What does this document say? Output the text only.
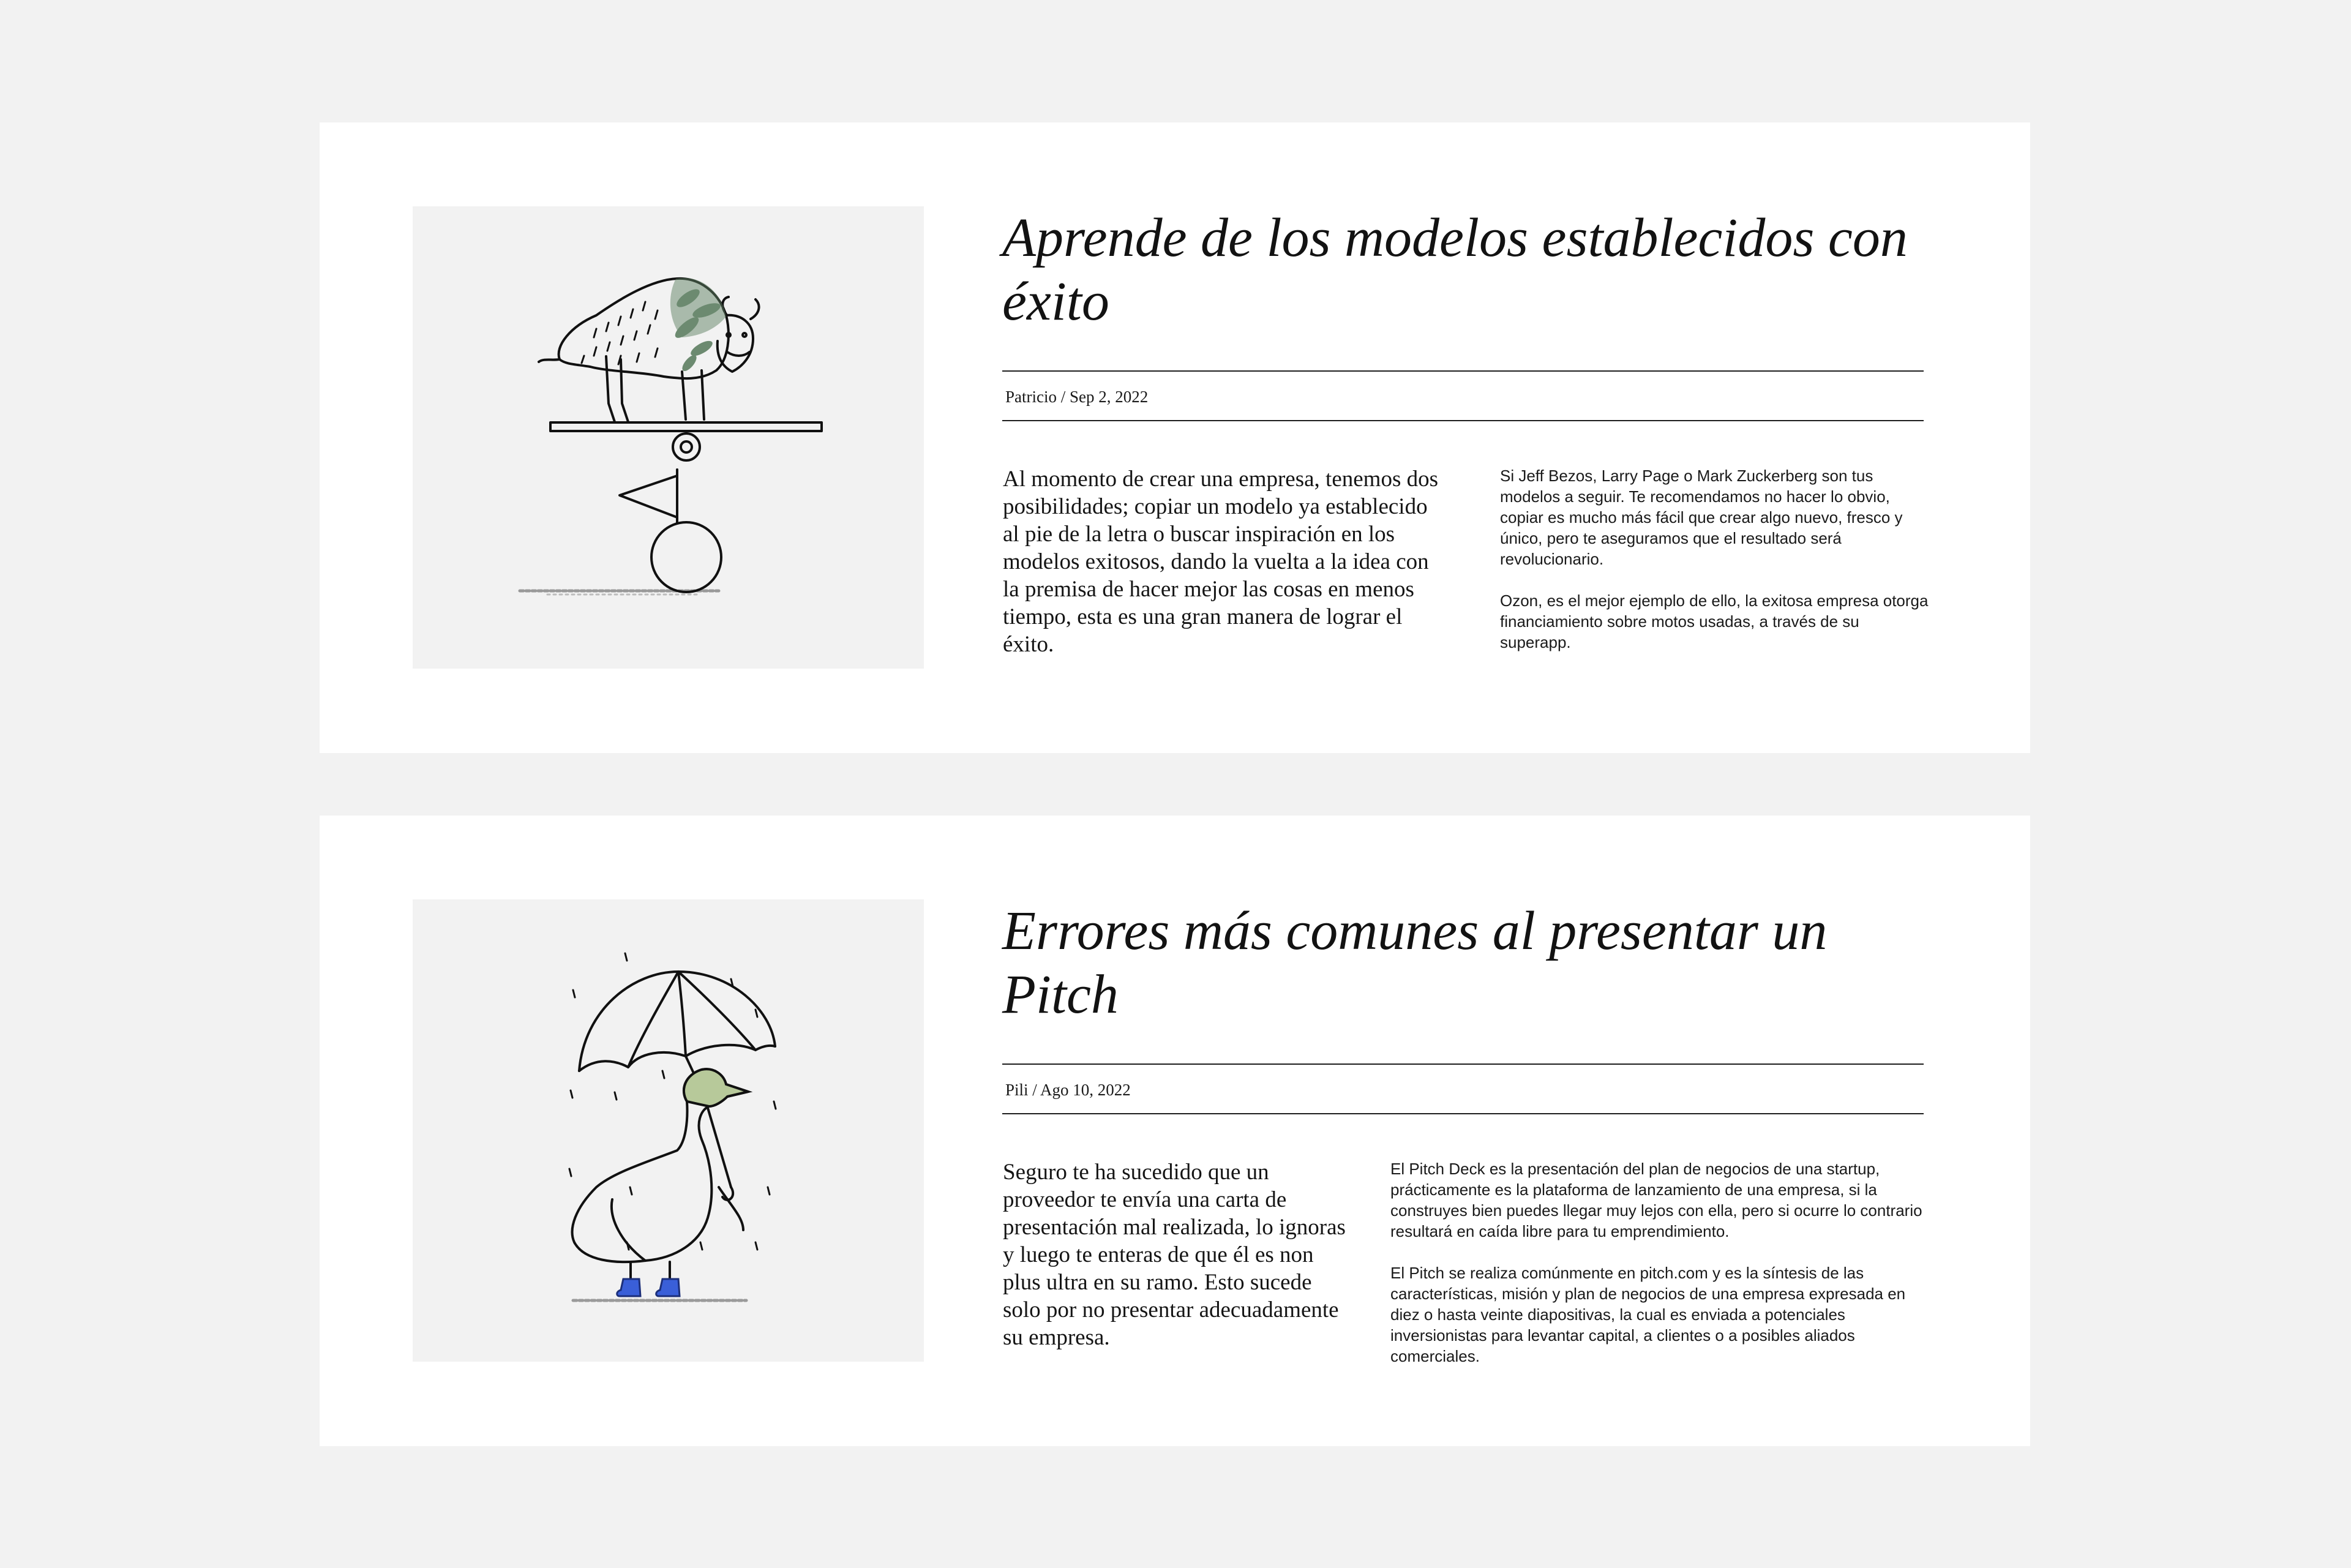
Aprende de los modelos establecidos con éxito
Patricio / Sep 2, 2022

Al momento de crear una empresa, tenemos dos posibilidades; copiar un modelo ya establecido al pie de la letra o buscar inspiración en los modelos exitosos, dando la vuelta a la idea con la premisa de hacer mejor las cosas en menos tiempo, esta es una gran manera de lograr el éxito.

Si Jeff Bezos, Larry Page o Mark Zuckerberg son tus modelos a seguir. Te recomendamos no hacer lo obvio, copiar es mucho más fácil que crear algo nuevo, fresco y único, pero te aseguramos que el resultado será revolucionario.

Ozon, es el mejor ejemplo de ello, la exitosa empresa otorga financiamiento sobre motos usadas, a través de su superapp.

Errores más comunes al presentar un Pitch
Pili / Ago 10, 2022

Seguro te ha sucedido que un proveedor te envía una carta de presentación mal realizada, lo ignoras y luego te enteras de que él es non plus ultra en su ramo. Esto sucede solo por no presentar adecuadamente su empresa.

El Pitch Deck es la presentación del plan de negocios de una startup, prácticamente es la plataforma de lanzamiento de una empresa, si la construyes bien puedes llegar muy lejos con ella, pero si ocurre lo contrario resultará en caída libre para tu emprendimiento.

El Pitch se realiza comúnmente en pitch.com y es la síntesis de las características, misión y plan de negocios de una empresa expresada en diez o hasta veinte diapositivas, la cual es enviada a potenciales inversionistas para levantar capital, a clientes o a posibles aliados comerciales.
